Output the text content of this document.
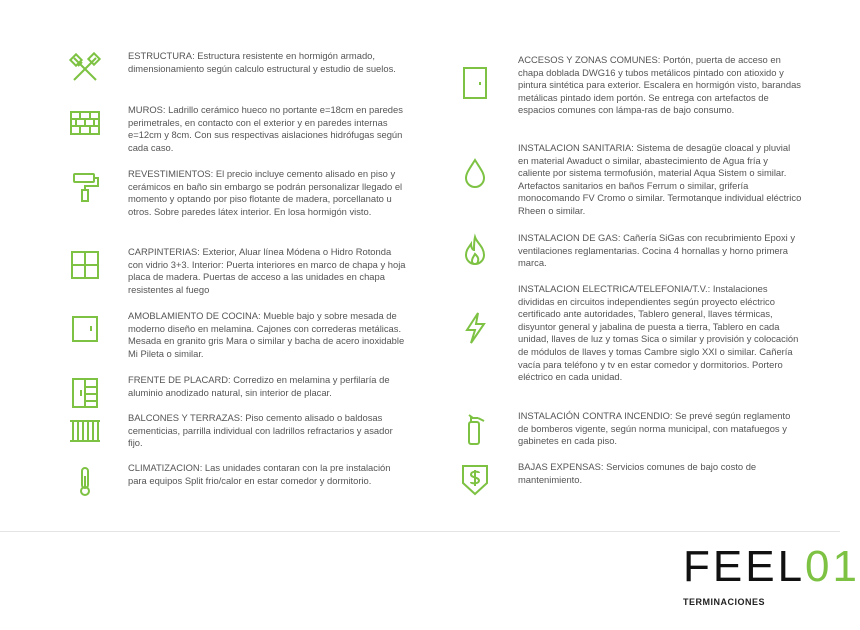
ESTRUCTURA: Estructura resistente en hormigón armado, dimensionamiento según calculo estructural y estudio de suelos.
MUROS: Ladrillo cerámico hueco no portante e=18cm en paredes perimetrales, en contacto con el exterior y en paredes internas e=12cm y 8cm. Con sus respectivas aislaciones hidrófugas según cada caso.
REVESTIMIENTOS: El precio incluye cemento alisado en piso y cerámicos en baño sin embargo se podrán personalizar llegado el momento y optando por piso flotante de madera, porcellanato u otros. Sobre paredes látex interior. En losa hormigón visto.
CARPINTERIAS: Exterior, Aluar línea Módena o Hidro Rotonda con vidrio 3+3. Interior: Puerta interiores en marco de chapa y hoja placa de madera. Puertas de acceso a las unidades en chapa resistentes al fuego
AMOBLAMIENTO DE COCINA: Mueble bajo y sobre mesada de moderno diseño en melamina. Cajones con correderas metálicas. Mesada en granito gris Mara o similar y bacha de acero inoxidable Mi Pileta o similar.
FRENTE DE PLACARD: Corredizo en melamina y perfilaría de aluminio anodizado natural, sin interior de placar.
BALCONES Y TERRAZAS: Piso cemento alisado o baldosas cementicias, parrilla individual con ladrillos refractarios y asador fijo.
CLIMATIZACION: Las unidades contaran con la pre instalación para equipos Split frio/calor en estar comedor y dormitorio.
ACCESOS Y ZONAS COMUNES: Portón, puerta de acceso en chapa doblada DWG16 y tubos metálicos pintado con atioxido y pintura sintética para exterior. Escalera en hormigón visto, barandas metálicas pintado idem portón. Se entrega con artefactos de espacios comunes con lámpa-ras de bajo consumo.
INSTALACION SANITARIA: Sistema de desagüe cloacal y pluvial en material Awaduct o similar, abastecimiento de Agua fría y caliente por sistema termofusión, material Aqua Sistem o similar. Artefactos sanitarios en baños Ferrum o similar, grifería monocomando FV Cromo o similar. Termotanque individual eléctrico Rheen o similar.
INSTALACION DE GAS: Cañería SiGas con recubrimiento Epoxi y ventilaciones reglamentarias. Cocina 4 hornallas y horno primera marca.
INSTALACION ELECTRICA/TELEFONIA/T.V.: Instalaciones divididas en circuitos independientes según proyecto eléctrico certificado ante autoridades, Tablero general, llaves térmicas, disyuntor general y jabalina de puesta a tierra, Tablero en cada unidad, llaves de luz y tomas Sica o similar y provisión y colocación de módulos de llaves y tomas Cambre siglo XXI o similar. Cañería vacía para teléfono y tv en estar comedor y dormitorios. Portero eléctrico en cada unidad.
INSTALACIÓN CONTRA INCENDIO: Se prevé según reglamento de bomberos vigente, según norma municipal, con matafuegos y gabinetes en cada piso.
BAJAS EXPENSAS: Servicios comunes de bajo costo de mantenimiento.
FEEL01
TERMINACIONES
